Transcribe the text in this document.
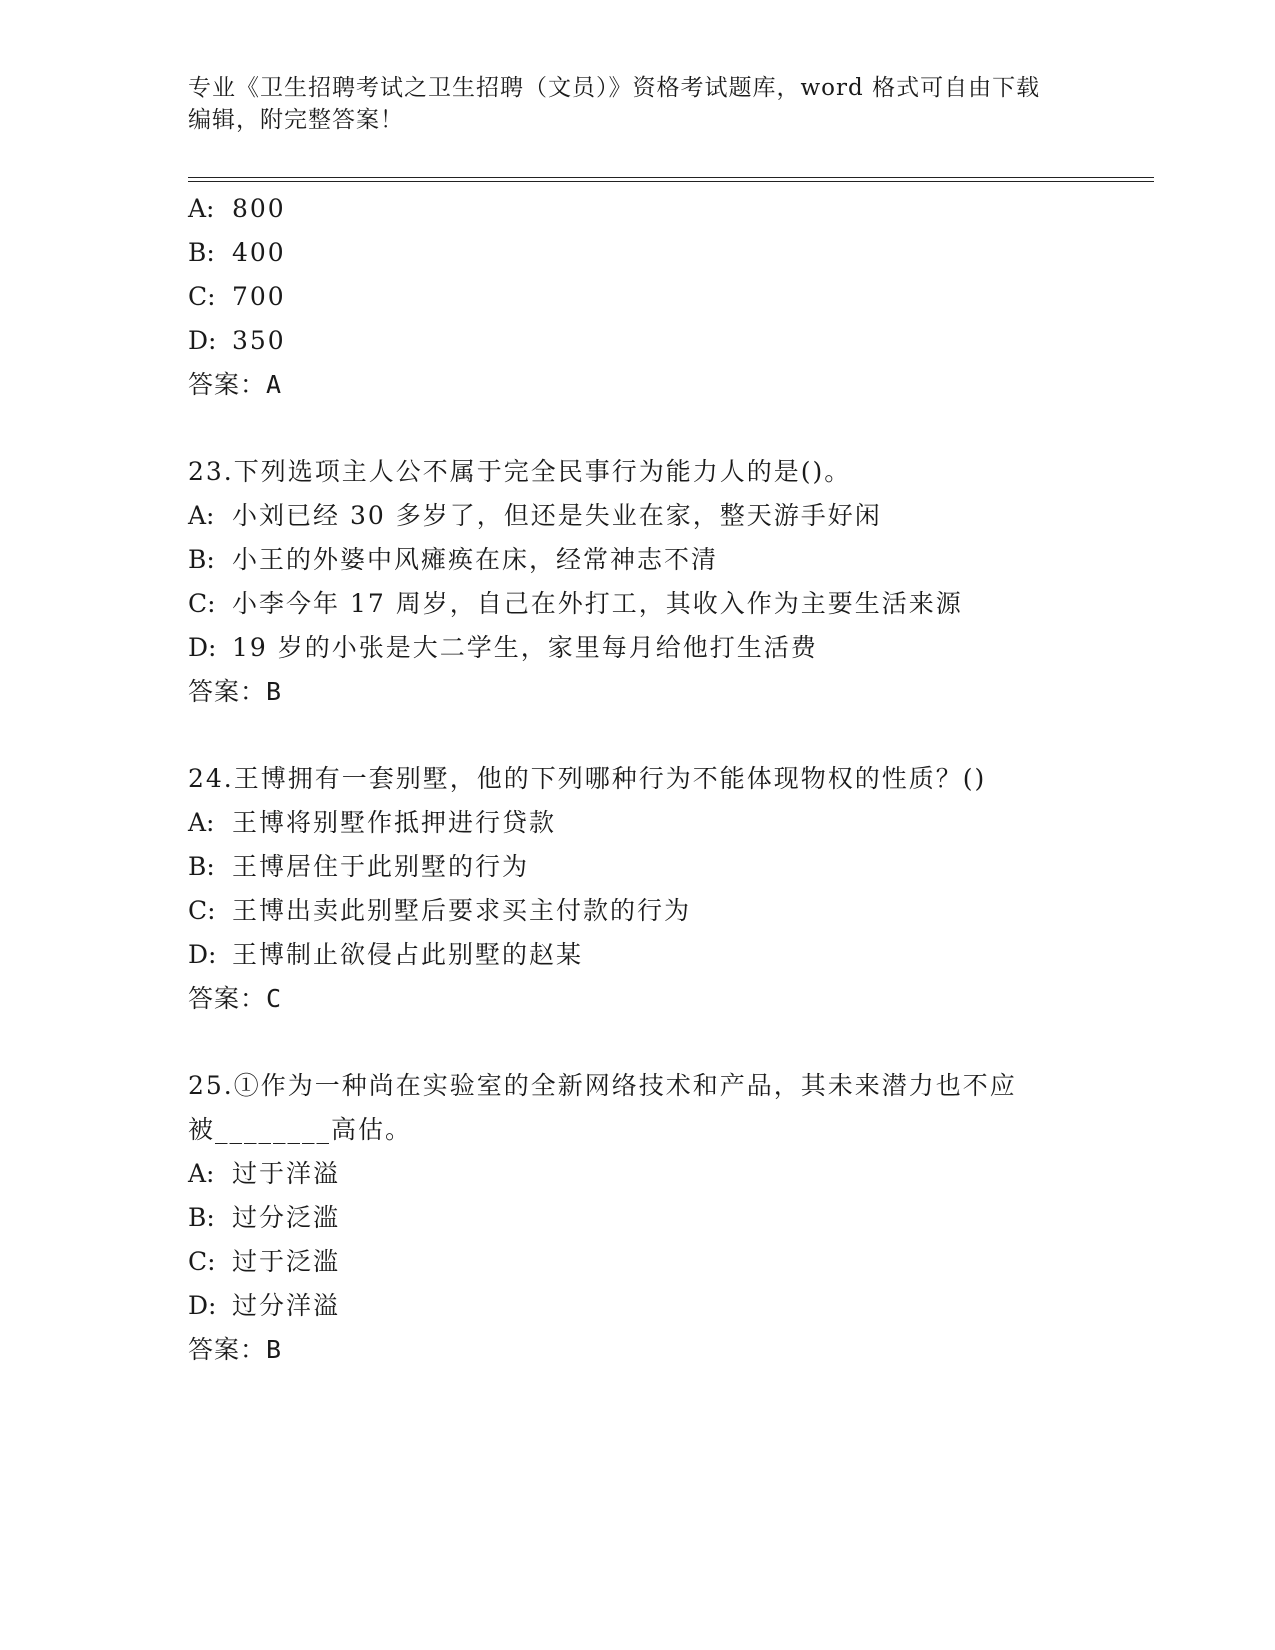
专业《卫生招聘考试之卫生招聘（文员）》资格考试题库，word 格式可自由下载
编辑，附完整答案！
A: 800
B: 400
C: 700
D: 350
答案：A
23.下列选项主人公不属于完全民事行为能力人的是()。
A: 小刘已经 30 多岁了，但还是失业在家，整天游手好闲
B: 小王的外婆中风瘫痪在床，经常神志不清
C: 小李今年 17 周岁，自己在外打工，其收入作为主要生活来源
D: 19 岁的小张是大二学生，家里每月给他打生活费
答案：B
24.王博拥有一套别墅，他的下列哪种行为不能体现物权的性质？()
A: 王博将别墅作抵押进行贷款
B: 王博居住于此别墅的行为
C: 王博出卖此别墅后要求买主付款的行为
D: 王博制止欲侵占此别墅的赵某
答案：C
25.①作为一种尚在实验室的全新网络技术和产品，其未来潜力也不应
被________高估。
A: 过于洋溢
B: 过分泛滥
C: 过于泛滥
D: 过分洋溢
答案：B
